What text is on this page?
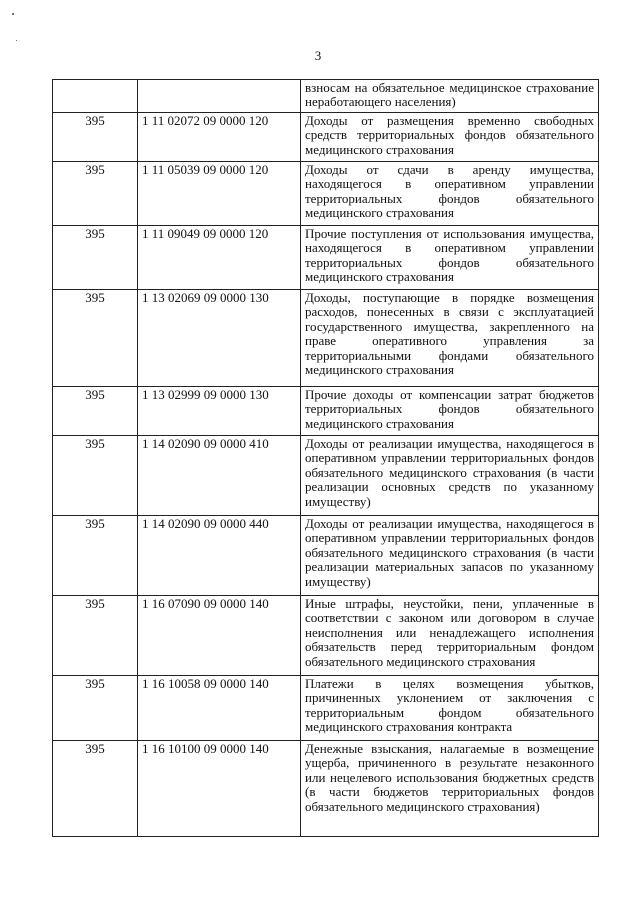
3
		взносам на обязательное медицинское страхование неработающего населения)
395	1 11 02072 09 0000 120	Доходы от размещения временно свободных средств территориальных фондов обязательного медицинского страхования
395	1 11 05039 09 0000 120	Доходы от сдачи в аренду имущества, находящегося в оперативном управлении территориальных фондов обязательного медицинского страхования
395	1 11 09049 09 0000 120	Прочие поступления от использования имущества, находящегося в оперативном управлении территориальных фондов обязательного медицинского страхования
395	1 13 02069 09 0000 130	Доходы, поступающие в порядке возмещения расходов, понесенных в связи с эксплуатацией государственного имущества, закрепленного на праве оперативного управления за территориальными фондами обязательного медицинского страхования
395	1 13 02999 09 0000 130	Прочие доходы от компенсации затрат бюджетов территориальных фондов обязательного медицинского страхования
395	1 14 02090 09 0000 410	Доходы от реализации имущества, находящегося в оперативном управлении территориальных фондов обязательного медицинского страхования (в части реализации основных средств по указанному имуществу)
395	1 14 02090 09 0000 440	Доходы от реализации имущества, находящегося в оперативном управлении территориальных фондов обязательного медицинского страхования (в части реализации материальных запасов по указанному имуществу)
395	1 16 07090 09 0000 140	Иные штрафы, неустойки, пени, уплаченные в соответствии с законом или договором в случае неисполнения или ненадлежащего исполнения обязательств перед территориальным фондом обязательного медицинского страхования
395	1 16 10058 09 0000 140	Платежи в целях возмещения убытков, причиненных уклонением от заключения с территориальным фондом обязательного медицинского страхования контракта
395	1 16 10100 09 0000 140	Денежные взыскания, налагаемые в возмещение ущерба, причиненного в результате незаконного или нецелевого использования бюджетных средств (в части бюджетов территориальных фондов обязательного медицинского страхования)
